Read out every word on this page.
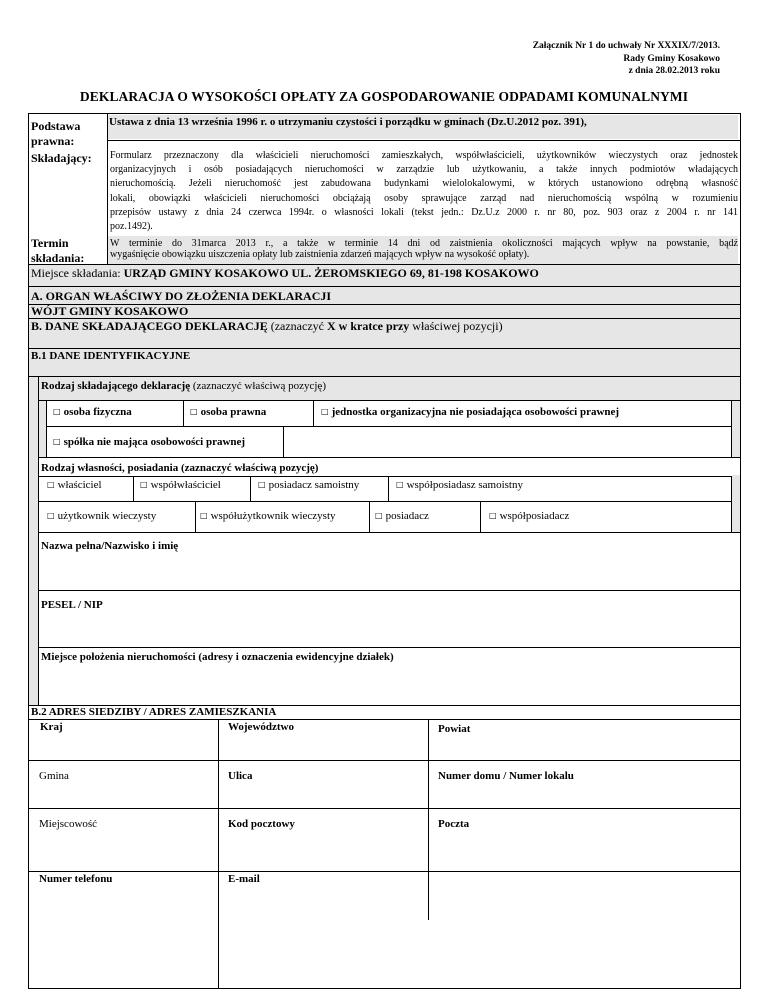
Załącznik Nr 1 do uchwały Nr XXXIX/7/2013.
Rady Gminy Kosakowo
z dnia 28.02.2013 roku
DEKLARACJA O WYSOKOŚCI OPŁATY ZA GOSPODAROWANIE ODPADAMI KOMUNALNYMI
Podstawa
prawna:
Ustawa z dnia 13 września 1996 r. o utrzymaniu czystości i porządku w gminach (Dz.U.2012 poz. 391),
Składający: Formularz przeznaczony dla właścicieli nieruchomości zamieszkałych, współwłaścicieli, użytkowników wieczystych oraz jednostek
organizacyjnych i osób posiadających nieruchomości w zarządzie lub użytkowaniu, a także innych podmiotów władających
nieruchomością. Jeżeli nieruchomość jest zabudowana budynkami wielolokalowymi, w których ustanowiono odrębną własność
lokali, obowiązki właścicieli nieruchomości obciążają osoby sprawujące zarząd nad nieruchomością wspólną w rozumieniu
przepisów ustawy z dnia 24 czerwca 1994r. o własności lokali (tekst jedn.: Dz.U.z 2000 r. nr 80, poz. 903 oraz z 2004 r. nr 141
poz.1492).
Termin
składania:
W terminie do 31marca 2013 r., a także w terminie 14 dni od zaistnienia okoliczności mających wpływ na powstanie, bądź
wygaśnięcie obowiązku uiszczenia opłaty lub zaistnienia zdarzeń mających wpływ na wysokość opłaty).
Miejsce składania: URZĄD GMINY KOSAKOWO UL. ŻEROMSKIEGO 69, 81-198 KOSAKOWO
A. ORGAN WŁAŚCIWY DO ZŁOŻENIA DEKLARACJI
WÓJT GMINY KOSAKOWO
B. DANE SKŁADAJĄCEGO DEKLARACJĘ (zaznaczyć X w kratce przy właściwej pozycji)
B.1 DANE IDENTYFIKACYJNE
Rodzaj składającego deklarację (zaznaczyć właściwą pozycję)
□ osoba fizyczna	□ osoba prawna	□ jednostka organizacyjna nie posiadająca osobowości prawnej
□ spółka nie mająca osobowości prawnej
Rodzaj własności, posiadania (zaznaczyć właściwą pozycję)
□ właściciel	□ współwłaściciel	□ posiadacz samoistny	□ współposiadasz samoistny
□ użytkownik wieczysty	□ współużytkownik wieczysty	□ posiadacz	□ współposiadacz
Nazwa pełna/Nazwisko i imię
PESEL / NIP
Miejsce położenia nieruchomości (adresy i oznaczenia ewidencyjne działek)
B.2 ADRES SIEDZIBY / ADRES ZAMIESZKANIA
Kraj	Województwo	Powiat
Gmina	Ulica	Numer domu / Numer lokalu
Miejscowość	Kod pocztowy	Poczta
Numer telefonu	E-mail
